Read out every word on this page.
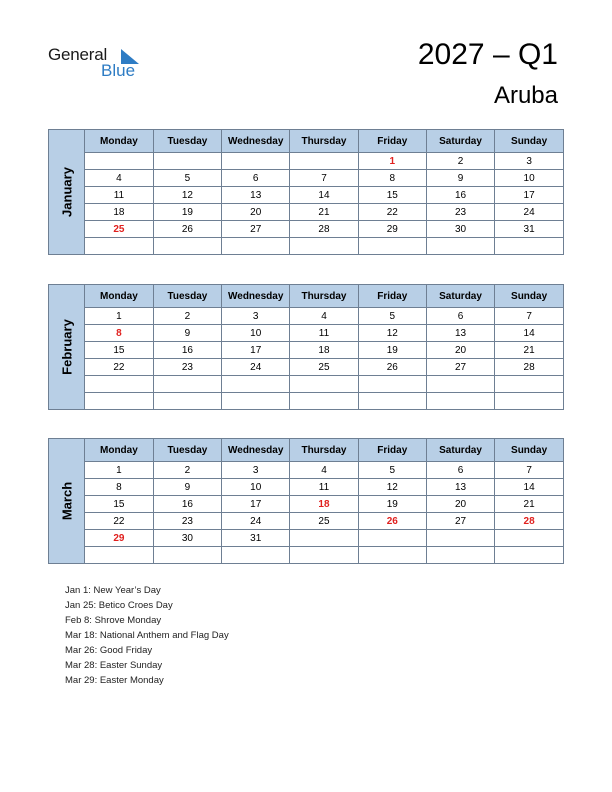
General
Blue	2027 – Q1
Aruba
January
Monday	Tuesday	Wednesday	Thursday	Friday	Saturday	Sunday
				1	2	3
4	5	6	7	8	9	10
11	12	13	14	15	16	17
18	19	20	21	22	23	24
25	26	27	28	29	30	31

February
Monday	Tuesday	Wednesday	Thursday	Friday	Saturday	Sunday
1	2	3	4	5	6	7
8	9	10	11	12	13	14
15	16	17	18	19	20	21
22	23	24	25	26	27	28

March
Monday	Tuesday	Wednesday	Thursday	Friday	Saturday	Sunday
1	2	3	4	5	6	7
8	9	10	11	12	13	14
15	16	17	18	19	20	21
22	23	24	25	26	27	28
29	30	31				

Jan 1: New Year’s Day
Jan 25: Betico Croes Day
Feb 8: Shrove Monday
Mar 18: National Anthem and Flag Day
Mar 26: Good Friday
Mar 28: Easter Sunday
Mar 29: Easter Monday
